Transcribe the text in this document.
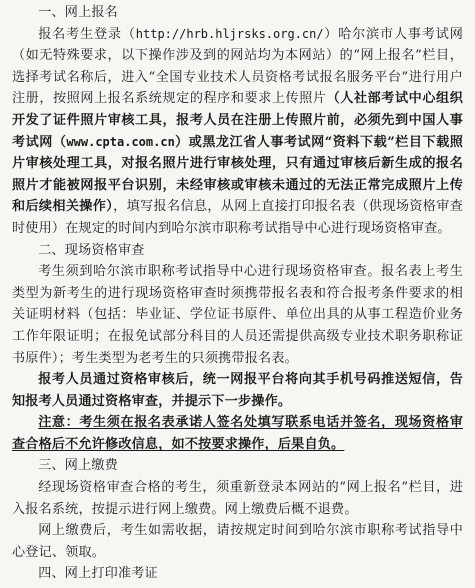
一、网上报名

报名考生登录（http://hrb.hljrsks.org.cn/）哈尔滨市人事考试网（如无特殊要求，以下操作涉及到的网站均为本网站）的“网上报名”栏目，选择考试名称后，进入“全国专业技术人员资格考试报名服务平台”进行用户注册，按照网上报名系统规定的程序和要求上传照片（人社部考试中心组织开发了证件照片审核工具，报考人员在注册上传照片前，必须先到中国人事考试网（www.cpta.com.cn）或黑龙江省人事考试网“资料下载”栏目下载照片审核处理工具，对报名照片进行审核处理，只有通过审核后新生成的报名照片才能被网报平台识别，未经审核或审核未通过的无法正常完成照片上传和后续相关操作），填写报名信息，从网上直接打印报名表（供现场资格审查时使用）在规定的时间内到哈尔滨市职称考试指导中心进行现场资格审查。

二、现场资格审查

考生须到哈尔滨市职称考试指导中心进行现场资格审查。报名表上考生类型为新考生的进行现场资格审查时须携带报名表和符合报考条件要求的相关证明材料（包括：毕业证、学位证书原件、单位出具的从事工程造价业务工作年限证明；在报免试部分科目的人员还需提供高级专业技术职务职称证书原件）；考生类型为老考生的只须携带报名表。

报考人员通过资格审核后，统一网报平台将向其手机号码推送短信，告知报考人员通过资格审查，并提示下一步操作。

注意：考生须在报名表承诺人签名处填写联系电话并签名，现场资格审查合格后不允许修改信息，如不按要求操作，后果自负。

三、网上缴费

经现场资格审查合格的考生，须重新登录本网站的“网上报名”栏目，进入报名系统，按提示进行网上缴费。网上缴费后概不退费。

网上缴费后，考生如需收据，请按规定时间到哈尔滨市职称考试指导中心登记、领取。

四、网上打印准考证
